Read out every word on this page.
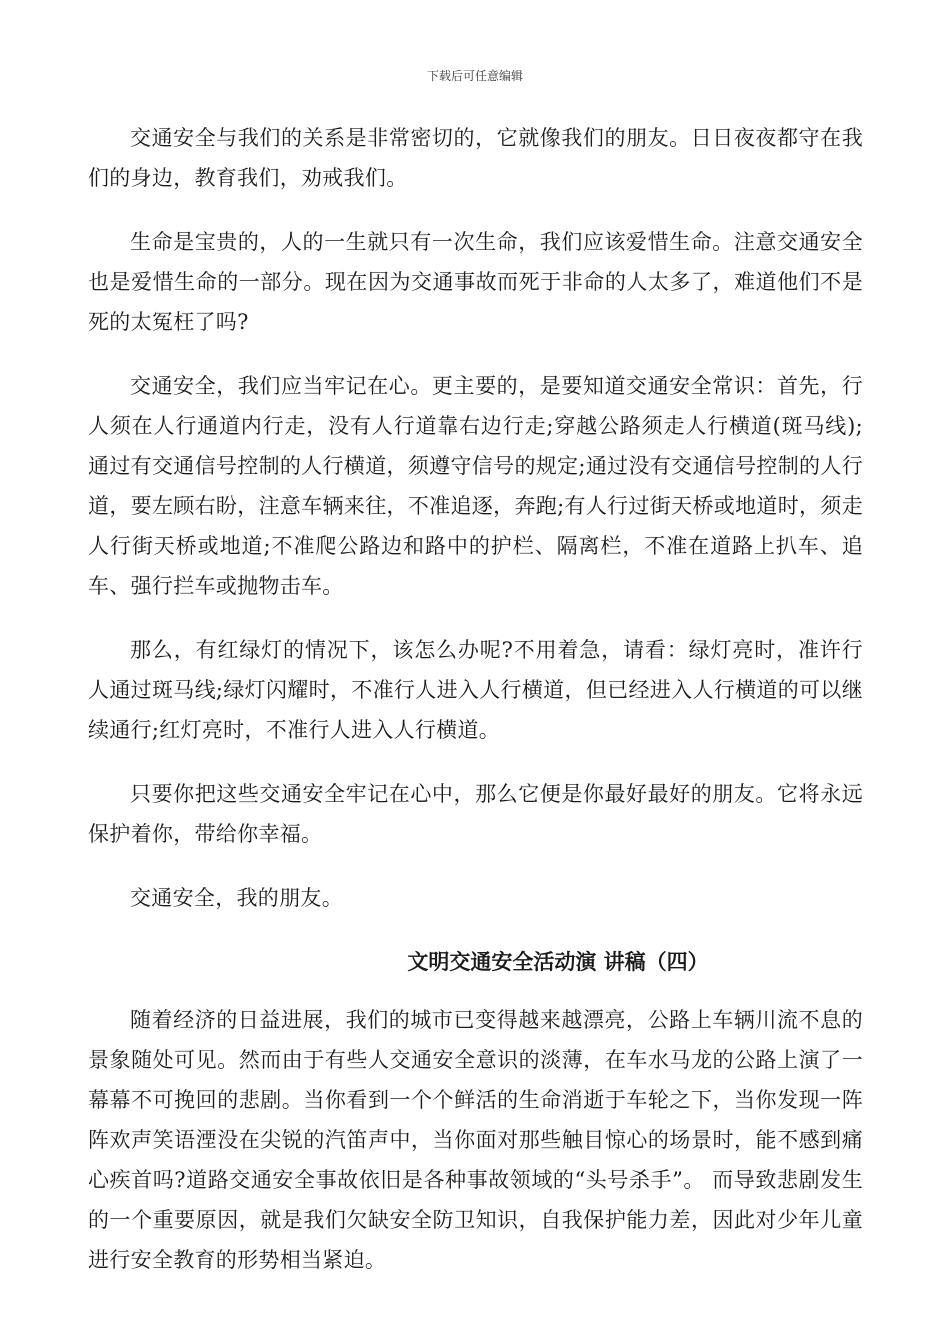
下载后可任意编辑

交通安全与我们的关系是非常密切的，它就像我们的朋友。日日夜夜都守在我们的身边，教育我们，劝戒我们。

生命是宝贵的，人的一生就只有一次生命，我们应该爱惜生命。注意交通安全也是爱惜生命的一部分。现在因为交通事故而死于非命的人太多了，难道他们不是死的太冤枉了吗?

交通安全，我们应当牢记在心。更主要的，是要知道交通安全常识：首先，行人须在人行通道内行走，没有人行道靠右边行走;穿越公路须走人行横道(斑马线);通过有交通信号控制的人行横道，须遵守信号的规定;通过没有交通信号控制的人行道，要左顾右盼，注意车辆来往，不准追逐，奔跑;有人行过街天桥或地道时，须走人行街天桥或地道;不准爬公路边和路中的护栏、隔离栏，不准在道路上扒车、追车、强行拦车或抛物击车。

那么，有红绿灯的情况下，该怎么办呢?不用着急，请看：绿灯亮时，准许行人通过斑马线;绿灯闪耀时，不准行人进入人行横道，但已经进入人行横道的可以继续通行;红灯亮时，不准行人进入人行横道。

只要你把这些交通安全牢记在心中，那么它便是你最好最好的朋友。它将永远保护着你，带给你幸福。

交通安全，我的朋友。

文明交通安全活动演 讲稿（四）

随着经济的日益进展，我们的城市已变得越来越漂亮，公路上车辆川流不息的景象随处可见。然而由于有些人交通安全意识的淡薄，在车水马龙的公路上演了一幕幕不可挽回的悲剧。当你看到一个个鲜活的生命消逝于车轮之下，当你发现一阵阵欢声笑语湮没在尖锐的汽笛声中，当你面对那些触目惊心的场景时，能不感到痛心疾首吗?道路交通安全事故依旧是各种事故领域的“头号杀手”。 而导致悲剧发生的一个重要原因，就是我们欠缺安全防卫知识，自我保护能力差，因此对少年儿童进行安全教育的形势相当紧迫。
